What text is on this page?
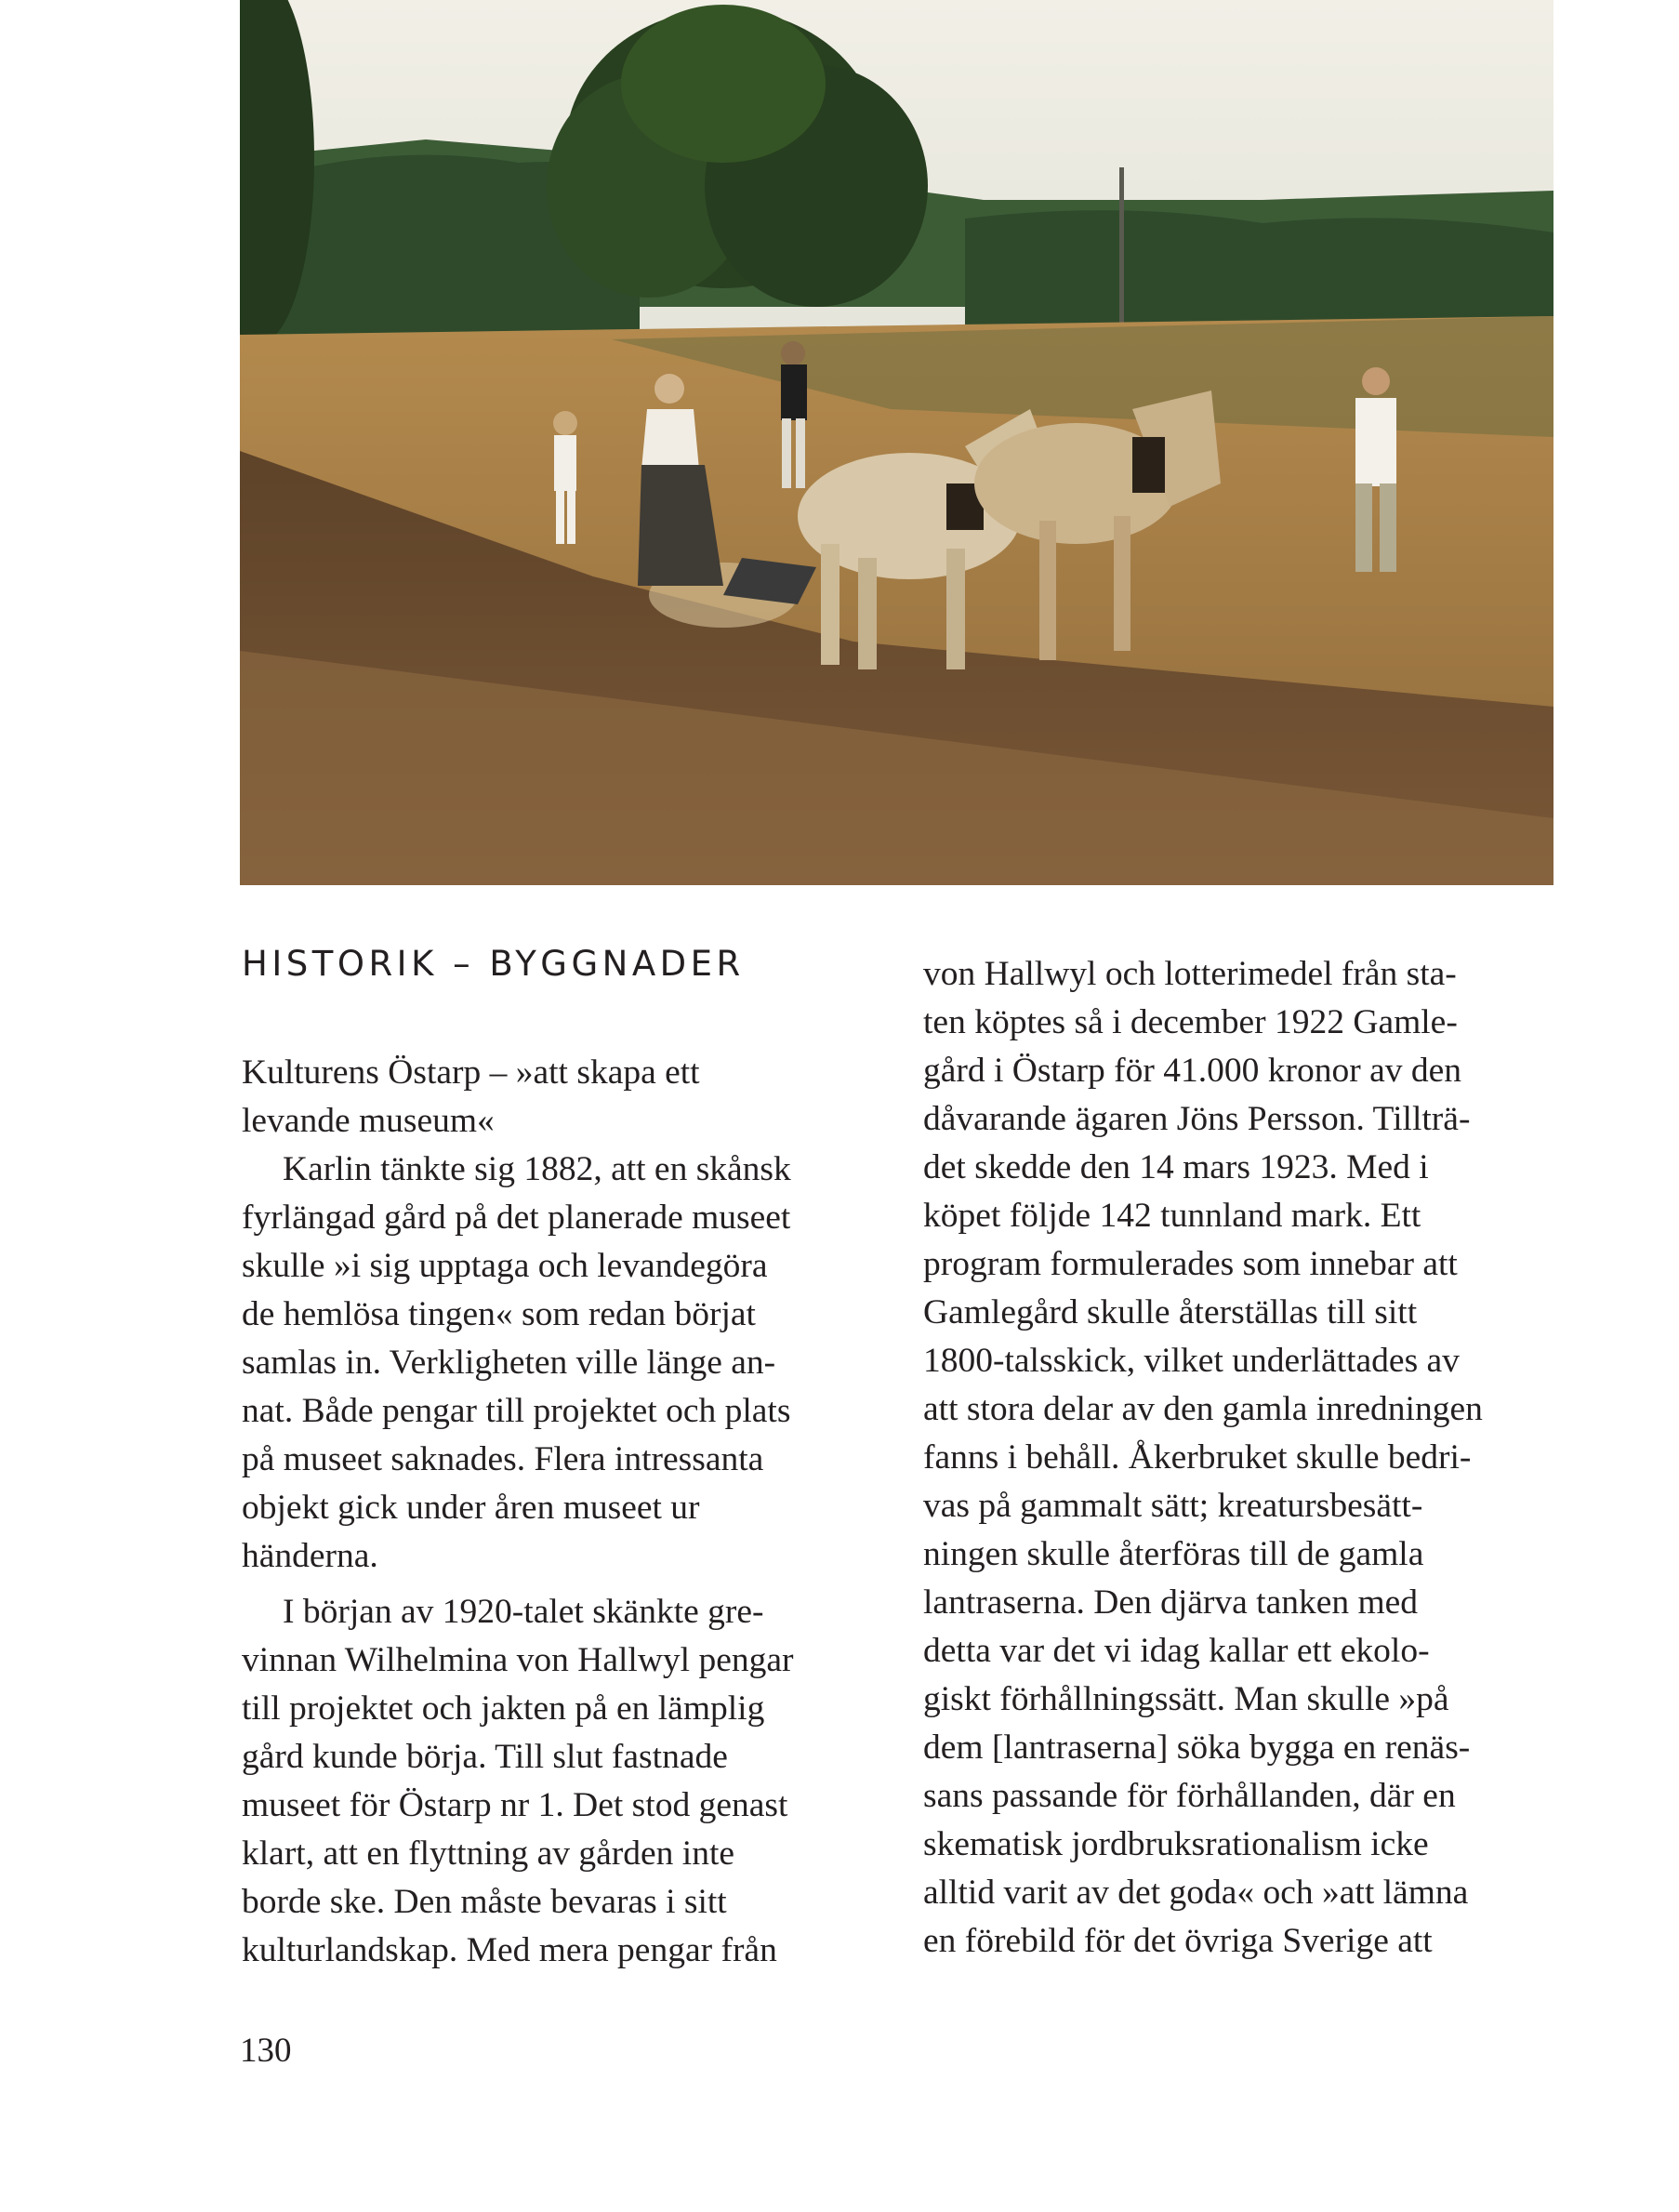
HISTORIK – BYGGNADER
Kulturens Östarp – »att skapa ett
levande museum«
Karlin tänkte sig 1882, att en skånsk
fyrlängad gård på det planerade museet
skulle »i sig upptaga och levandegöra
de hemlösa tingen« som redan börjat
samlas in. Verkligheten ville länge an-
nat. Både pengar till projektet och plats
på museet saknades. Flera intressanta
objekt gick under åren museet ur
händerna.
I början av 1920-talet skänkte gre-
vinnan Wilhelmina von Hallwyl pengar
till projektet och jakten på en lämplig
gård kunde börja. Till slut fastnade
museet för Östarp nr 1. Det stod genast
klart, att en flyttning av gården inte
borde ske. Den måste bevaras i sitt
kulturlandskap. Med mera pengar från
von Hallwyl och lotterimedel från sta-
ten köptes så i december 1922 Gamle-
gård i Östarp för 41.000 kronor av den
dåvarande ägaren Jöns Persson. Tillträ-
det skedde den 14 mars 1923. Med i
köpet följde 142 tunnland mark. Ett
program formulerades som innebar att
Gamlegård skulle återställas till sitt
1800-talsskick, vilket underlättades av
att stora delar av den gamla inredningen
fanns i behåll. Åkerbruket skulle bedri-
vas på gammalt sätt; kreatursbesätt-
ningen skulle återföras till de gamla
lantraserna. Den djärva tanken med
detta var det vi idag kallar ett ekolo-
giskt förhållningssätt. Man skulle »på
dem [lantraserna] söka bygga en renäs-
sans passande för förhållanden, där en
skematisk jordbruksrationalism icke
alltid varit av det goda« och »att lämna
en förebild för det övriga Sverige att
130
